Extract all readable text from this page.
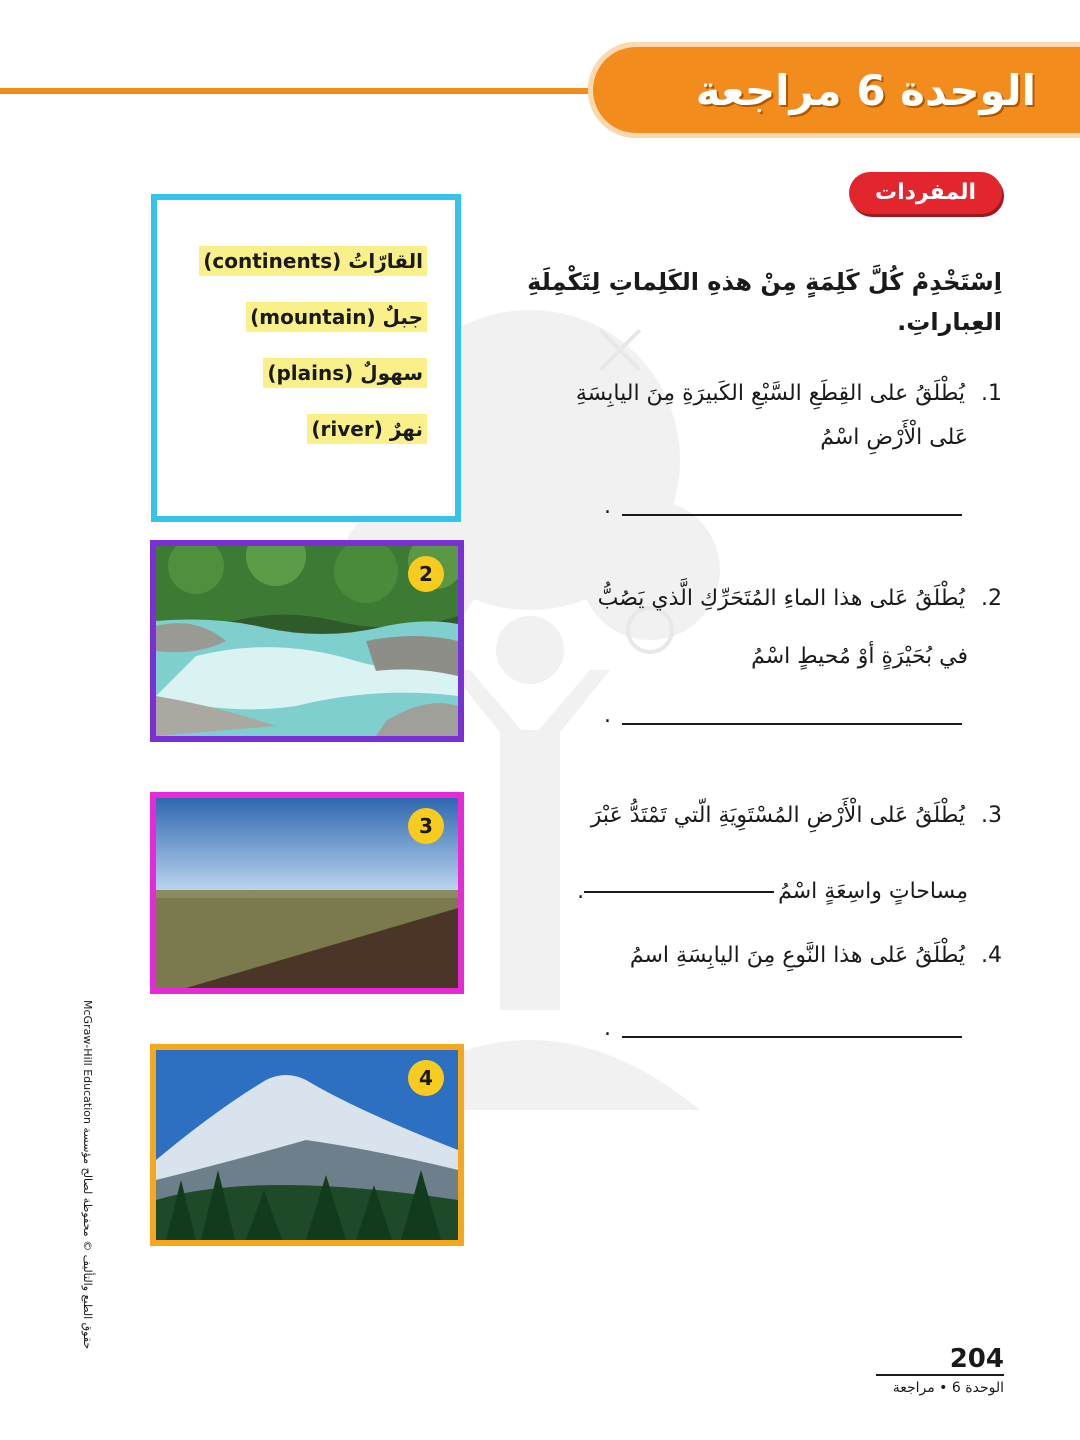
الوحدة 6 مراجعة
المفردات
القارّاتُ (continents)
جبلٌ (mountain)
سهولٌ (plains)
نهرٌ (river)
2
3
4
اِسْتَخْدِمْ كُلَّ كَلِمَةٍ مِنْ هذهِ الكَلِماتِ لِتَكْمِلَةِ العِباراتِ.
1. يُطْلَقُ على القِطَعِ السَّبْعِ الكَبيرَةِ مِنَ اليابِسَةِ
عَلى الْأَرْضِ اسْمُ
.
2. يُطْلَقُ عَلى هذا الماءِ المُتَحَرِّكِ الَّذي يَصُبُّ
في بُحَيْرَةٍ أوْ مُحيطٍ اسْمُ
.
3. يُطْلَقُ عَلى الْأَرْضِ المُسْتَوِيَةِ الّتي تَمْتَدُّ عَبْرَ
مِساحاتٍ واسِعَةٍ اسْمُ.
4. يُطْلَقُ عَلى هذا النَّوعِ مِنَ اليابِسَةِ اسمُ
.
McGraw-Hill Education حقوق الطبع والتأليف © محفوظة لصالح مؤسسة
204
الوحدة 6 • مراجعة
